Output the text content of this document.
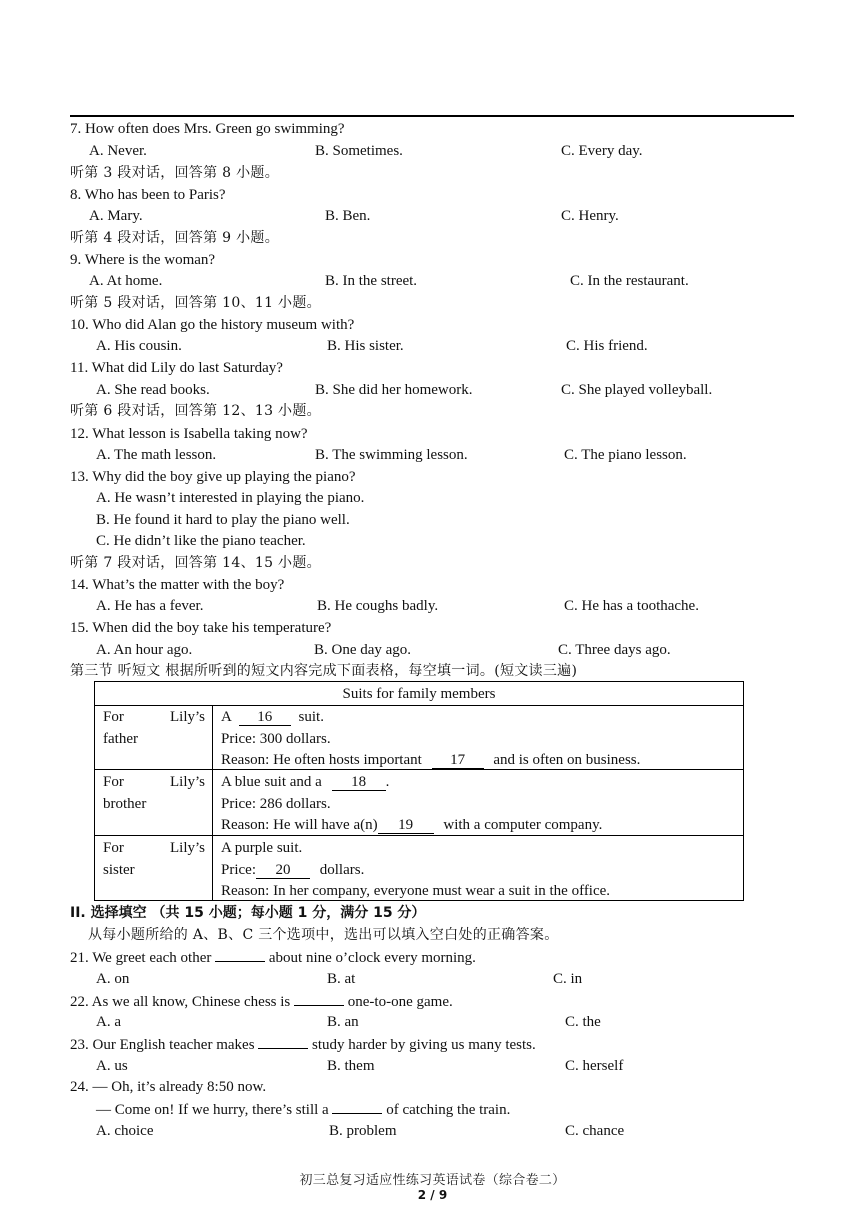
7. How often does Mrs. Green go swimming?
A. Never.	B. Sometimes.	C. Every day.
听第 3 段对话，回答第 8 小题。
8. Who has been to Paris?
A. Mary.	B. Ben.	C. Henry.
听第 4 段对话，回答第 9 小题。
9. Where is the woman?
A. At home.	B. In the street.	C. In the restaurant.
听第 5 段对话，回答第 10、11 小题。
10. Who did Alan go the history museum with?
A. His cousin.	B. His sister.	C. His friend.
11. What did Lily do last Saturday?
A. She read books.	B. She did her homework.	C. She played volleyball.
听第 6 段对话，回答第 12、13 小题。
12. What lesson is Isabella taking now?
A. The math lesson.	B. The swimming lesson.	C. The piano lesson.
13. Why did the boy give up playing the piano?
A. He wasn’t interested in playing the piano.
B. He found it hard to play the piano well.
C. He didn’t like the piano teacher.
听第 7 段对话，回答第 14、15 小题。
14. What’s the matter with the boy?
A. He has a fever.	B. He coughs badly.	C. He has a toothache.
15. When did the boy take his temperature?
A. An hour ago.	B. One day ago.	C. Three days ago.
第三节 听短文 根据所听到的短文内容完成下面表格，每空填一词。(短文读三遍)
Suits for family members
For	Lily’s
father
A 16 suit.
Price: 300 dollars.
Reason: He often hosts important 17 and is often on business.
For	Lily’s
brother
A blue suit and a 18 .
Price: 286 dollars.
Reason: He will have a(n) 19 with a computer company.
For	Lily’s
sister
A purple suit.
Price: 20 dollars.
Reason: In her company, everyone must wear a suit in the office.
II. 选择填空 （共 15 小题；每小题 1 分，满分 15 分）
从每小题所给的 A、B、C 三个选项中，选出可以填入空白处的正确答案。
21. We greet each other	about nine o’clock every morning.
A. on	B. at	C. in
22. As we all know, Chinese chess is	one-to-one game.
A. a	B. an	C. the
23. Our English teacher makes	study harder by giving us many tests.
A. us	B. them	C. herself
24. — Oh, it’s already 8:50 now.
— Come on! If we hurry, there’s still a	of catching the train.
A. choice	B. problem	C. chance
初三总复习适应性练习英语试卷（综合卷二）
2 / 9
